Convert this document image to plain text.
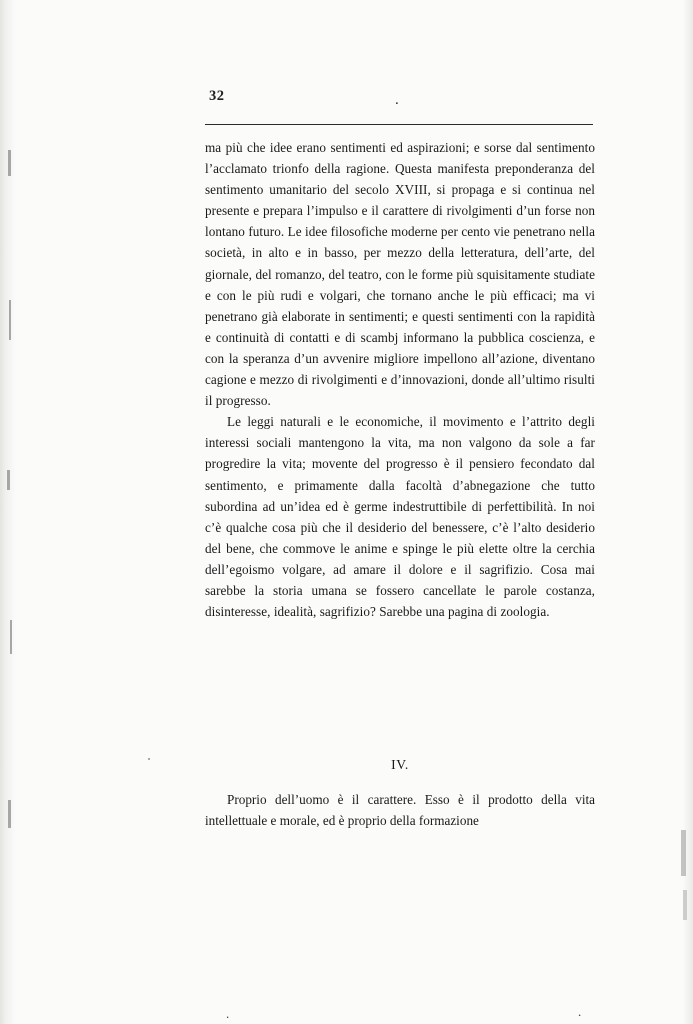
32	.

ma più che idee erano sentimenti ed aspirazioni; e sorse dal sentimento l’acclamato trionfo della ragione. Questa manifesta preponderanza del sentimento umanitario del secolo XVIII, si propaga e si continua nel presente e prepara l’impulso e il carattere di rivolgimenti d’un forse non lontano futuro. Le idee filosofiche moderne per cento vie penetrano nella società, in alto e in basso, per mezzo della letteratura, dell’arte, del giornale, del romanzo, del teatro, con le forme più squisitamente studiate e con le più rudi e volgari, che tornano anche le più efficaci; ma vi penetrano già elaborate in sentimenti; e questi sentimenti con la rapidità e continuità di contatti e di scambj informano la pubblica coscienza, e con la speranza d’un avvenire migliore impellono all’azione, diventano cagione e mezzo di rivolgimenti e d’innovazioni, donde all’ultimo risulti il progresso.

Le leggi naturali e le economiche, il movimento e l’attrito degli interessi sociali mantengono la vita, ma non valgono da sole a far progredire la vita; movente del progresso è il pensiero fecondato dal sentimento, e primamente dalla facoltà d’abnegazione che tutto subordina ad un’idea ed è germe indestruttibile di perfettibilità. In noi c’è qualche cosa più che il desiderio del benessere, c’è l’alto desiderio del bene, che commove le anime e spinge le più elette oltre la cerchia dell’egoismo volgare, ad amare il dolore e il sagrifizio. Cosa mai sarebbe la storia umana se fossero cancellate le parole costanza, disinteresse, idealità, sagrifizio? Sarebbe una pagina di zoologia.

IV.

Proprio dell’uomo è il carattere. Esso è il prodotto della vita intellettuale e morale, ed è proprio della formazione

.	.
